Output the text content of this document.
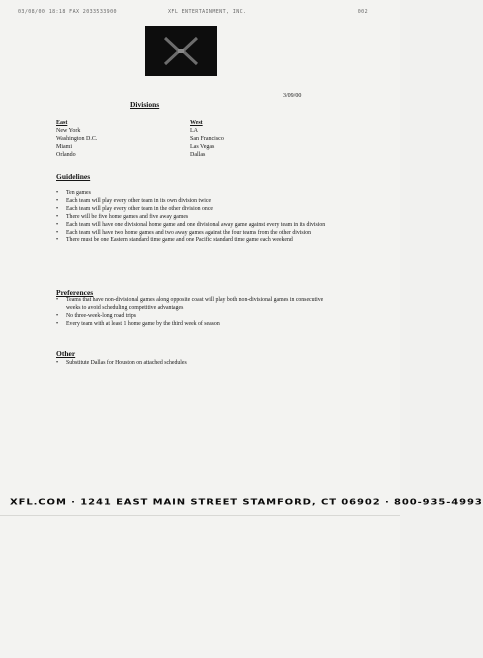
03/08/00 18:18 FAX 2033533900	XFL ENTERTAINMENT, INC.	002
3/09/00
Divisions
East
New York
Washington D.C.
Miami
Orlando
West
LA
San Francisco
Las Vegas
Dallas
Guidelines
• Ten games
• Each team will play every other team in its own division twice
• Each team will play every other team in the other division once
• There will be five home games and five away games
• Each team will have one divisional home game and one divisional away game against every team in its division
• Each team will have two home games and two away games against the four teams from the other division
• There must be one Eastern standard time game and one Pacific standard time game each weekend
Preferences
• Teams that have non-divisional games along opposite coast will play both non-divisional games in consecutive weeks to avoid scheduling competitive advantages
• No three-week-long road trips
• Every team with at least 1 home game by the third week of season
Other
• Substitute Dallas for Houston on attached schedules
XFL.COM · 1241 EAST MAIN STREET STAMFORD, CT 06902 · 800-935-4993
